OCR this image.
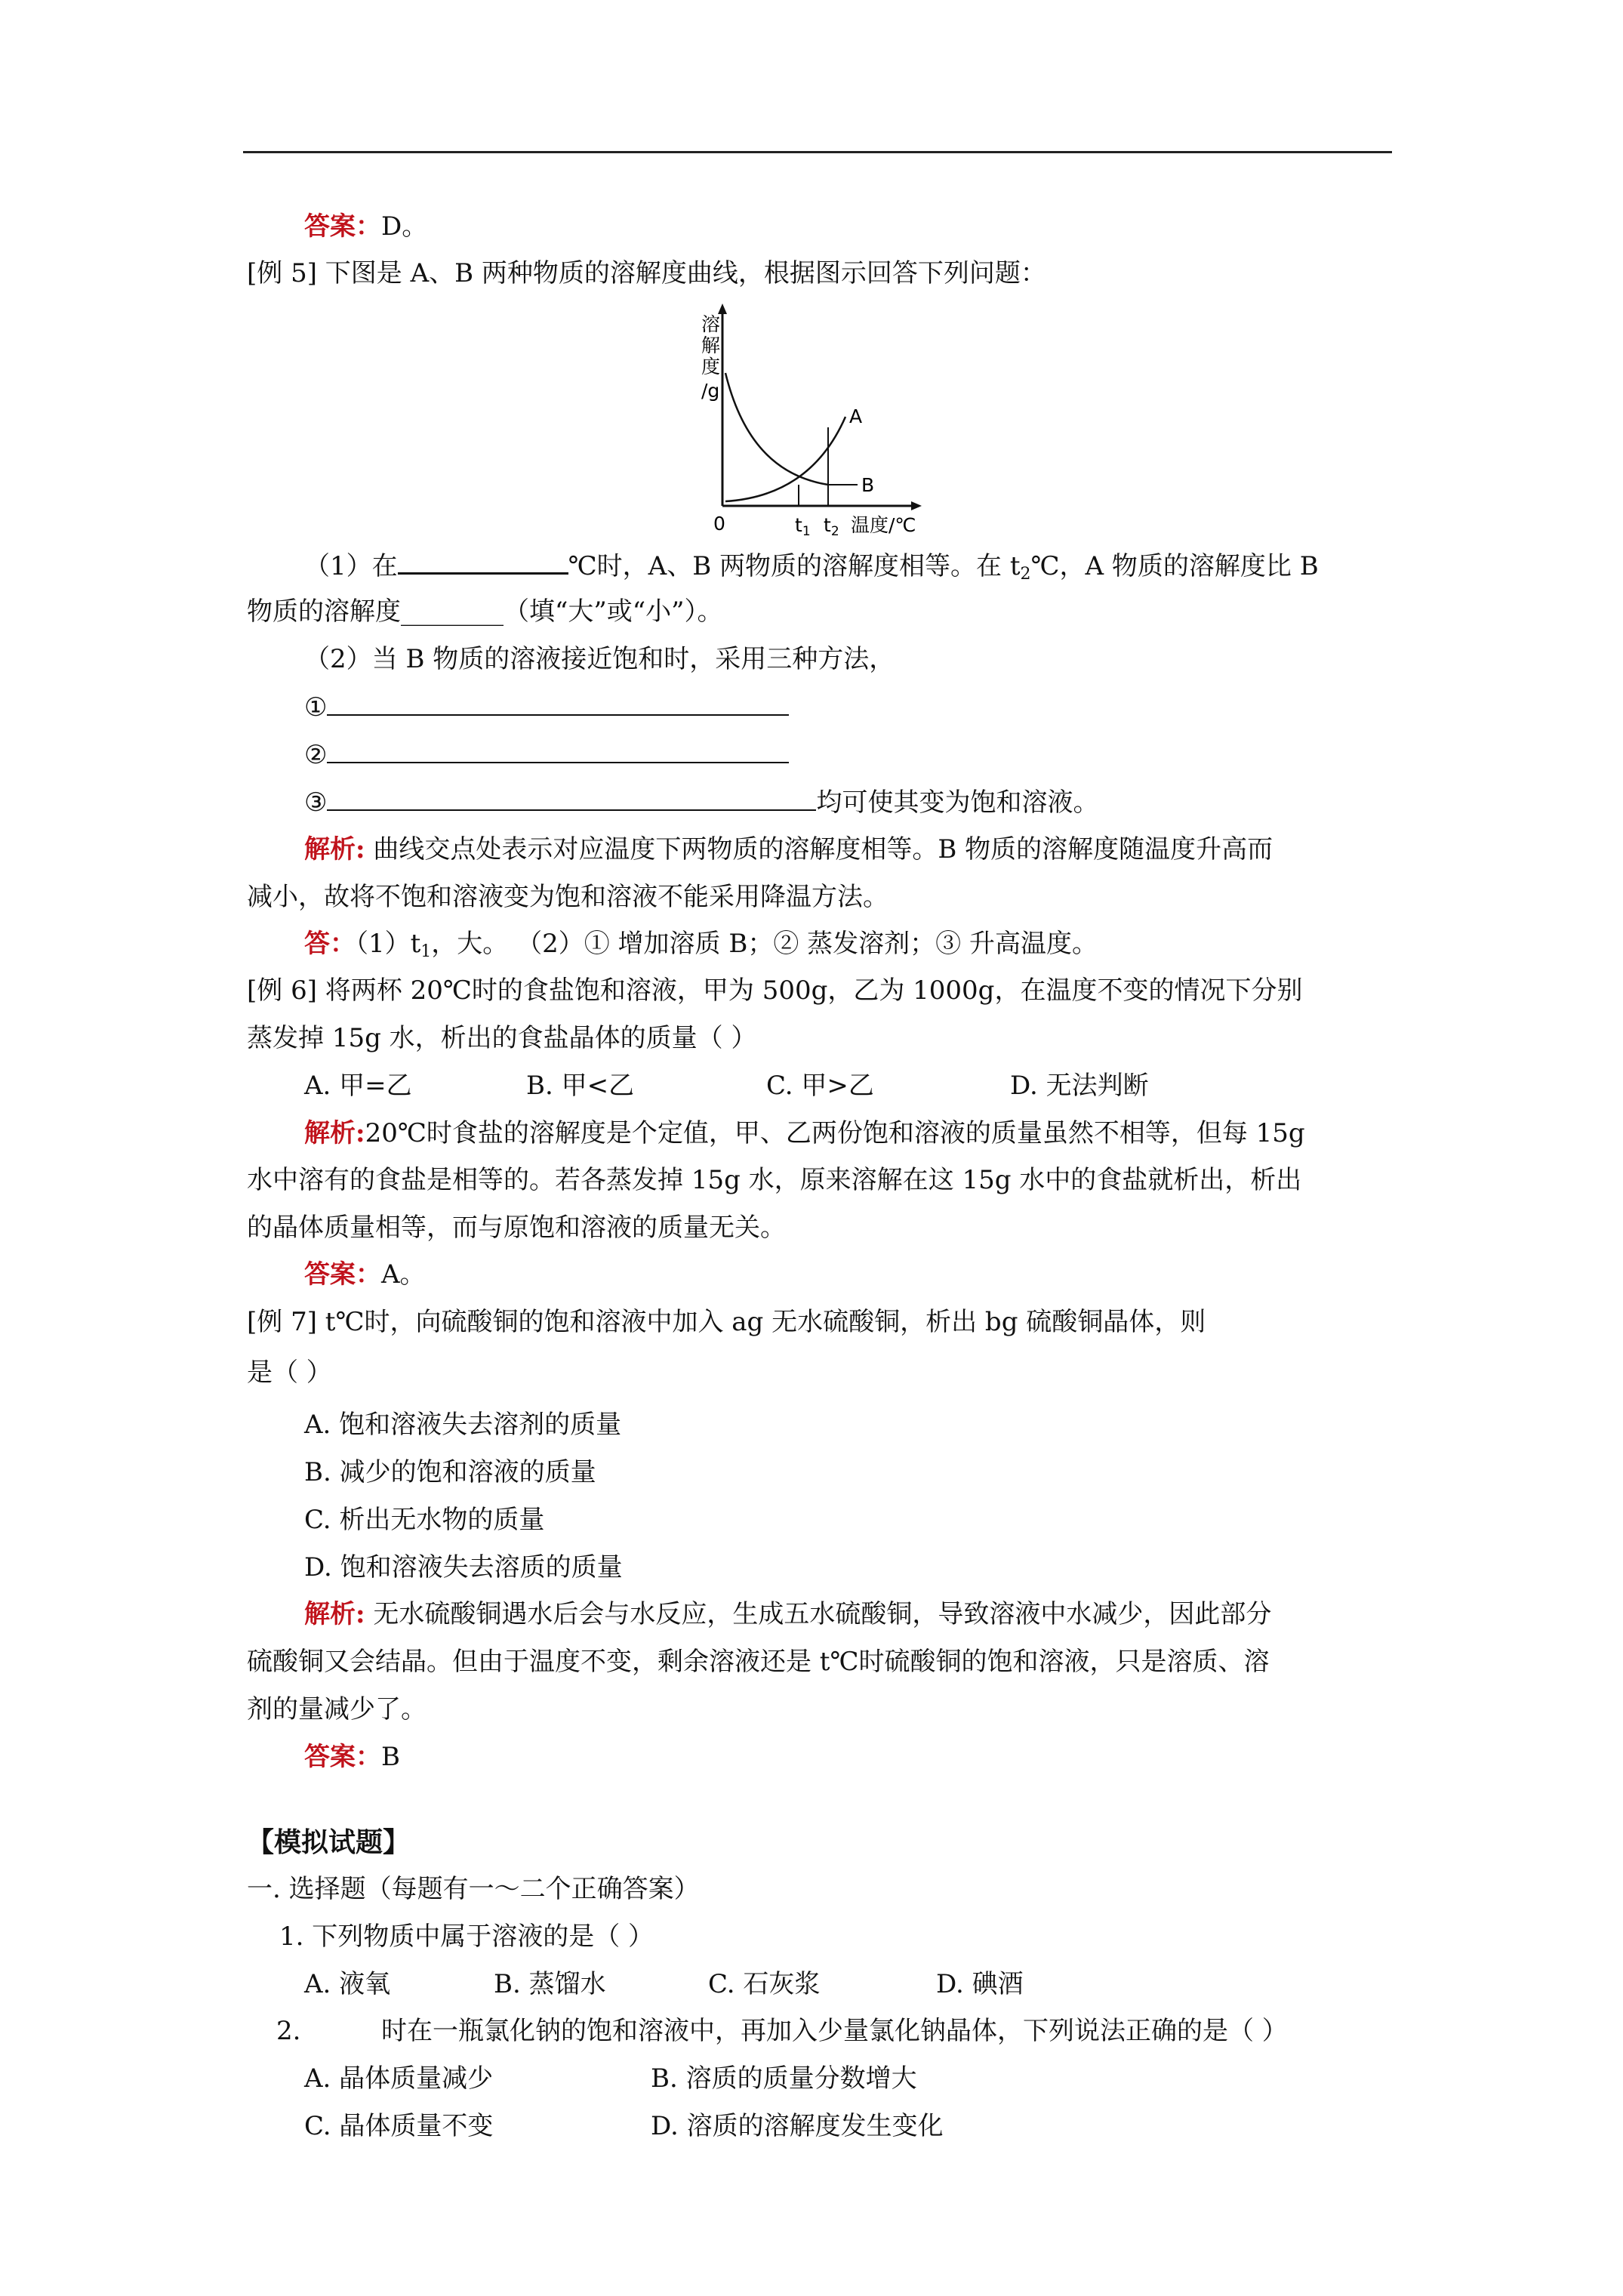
答案：D。
[例 5] 下图是 A、B 两种物质的溶解度曲线，根据图示回答下列问题：
溶
解
度
/g
A
B
0	$t_1$ $t_2$ 温度/℃
（1）在	℃时，A、B 两物质的溶解度相等。在 $t_2℃$，A 物质的溶解度比 B
物质的溶解度________（填“大”或“小”）。
（2）当 B 物质的溶液接近饱和时，采用三种方法，
①
②
③	均可使其变为饱和溶液。
解析: 曲线交点处表示对应温度下两物质的溶解度相等。B 物质的溶解度随温度升高而
减小，故将不饱和溶液变为饱和溶液不能采用降温方法。
答：$(1)t_1$，大。 （2）① 增加溶质 B；② 蒸发溶剂；③ 升高温度。
[例 6] 将两杯 20℃时的食盐饱和溶液，甲为 500g，乙为 1000g，在温度不变的情况下分别
蒸发掉 15g 水，析出的食盐晶体的质量（ ）
A. 甲=乙	B. 甲<乙	C. 甲>乙	D. 无法判断
解析:20℃时食盐的溶解度是个定值，甲、乙两份饱和溶液的质量虽然不相等，但每 15g
水中溶有的食盐是相等的。若各蒸发掉 15g 水，原来溶解在这 15g 水中的食盐就析出，析出
的晶体质量相等，而与原饱和溶液的质量无关。
答案：A。
[例 7] t℃时，向硫酸铜的饱和溶液中加入 ag 无水硫酸铜，析出 bg 硫酸铜晶体，则
是（ ）
A. 饱和溶液失去溶剂的质量
B. 减少的饱和溶液的质量
C. 析出无水物的质量
D. 饱和溶液失去溶质的质量
解析: 无水硫酸铜遇水后会与水反应，生成五水硫酸铜，导致溶液中水减少，因此部分
硫酸铜又会结晶。但由于温度不变，剩余溶液还是 t℃时硫酸铜的饱和溶液，只是溶质、溶
剂的量减少了。
答案：B
【模拟试题】
一. 选择题（每题有一～二个正确答案）
1. 下列物质中属于溶液的是（ ）
A. 液氧	B. 蒸馏水	C. 石灰浆	D. 碘酒
2.	时在一瓶氯化钠的饱和溶液中，再加入少量氯化钠晶体，下列说法正确的是（ ）
A. 晶体质量减少	B. 溶质的质量分数增大
C. 晶体质量不变	D. 溶质的溶解度发生变化
